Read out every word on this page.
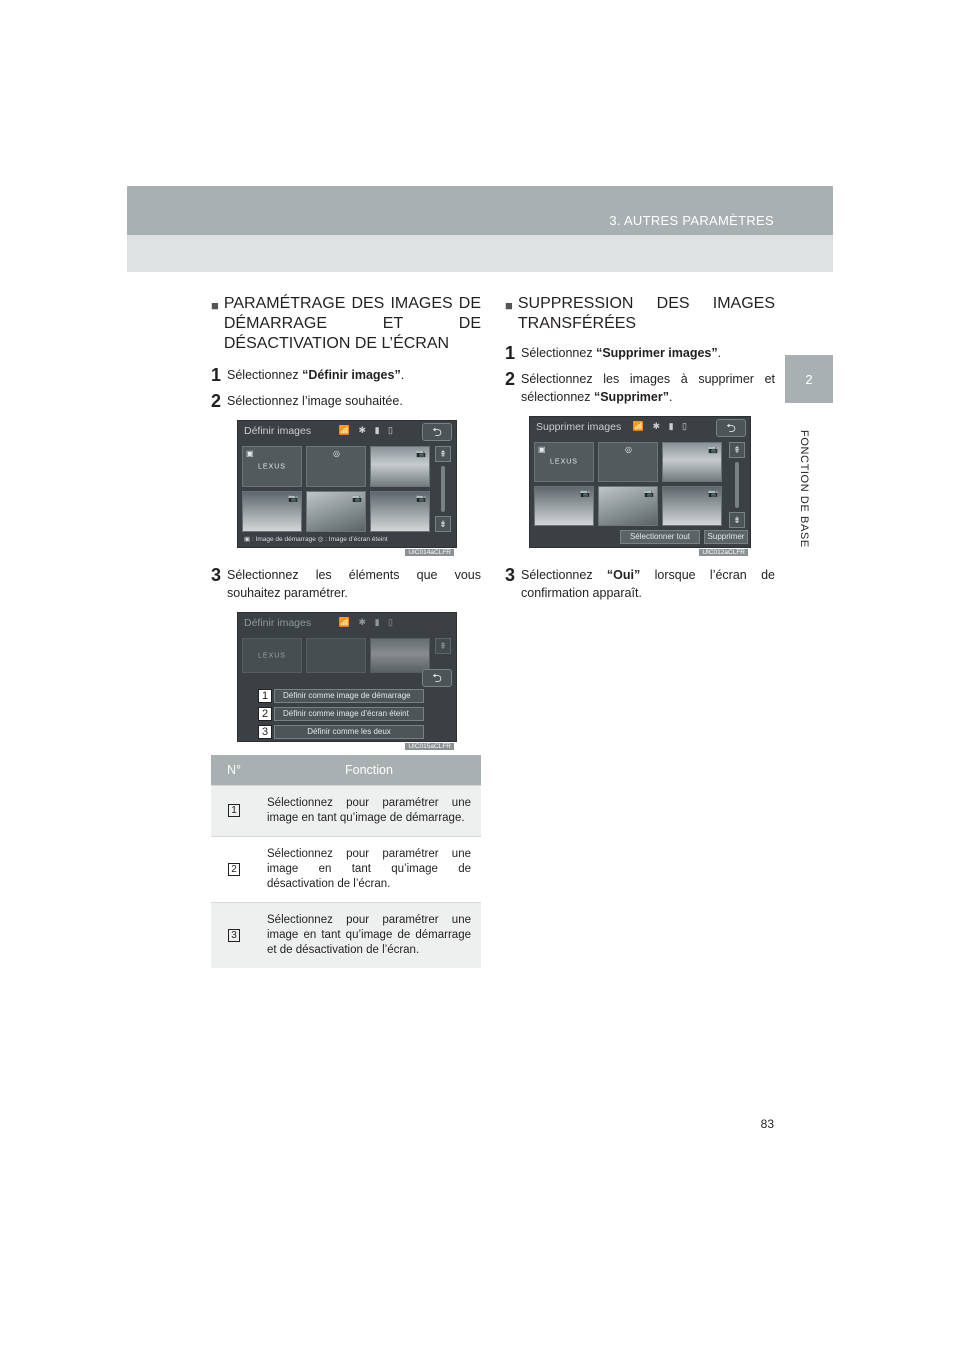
3. AUTRES PARAMÈTRES
2
FONCTION DE BASE
■ PARAMÉTRAGE DES IMAGES DE DÉMARRAGE ET DE DÉSACTIVATION DE L’ÉCRAN
1 Sélectionnez “Définir images”.
2 Sélectionnez l’image souhaitée.
Définir images	📶 ✱ ▮ ▯	⮌
▣
LEXUS
◎	📷
📷	📷	📷
⇞
⇟
▣ : Image de démarrage ◎ : Image d’écran éteint
UIC014aCLFR
3 Sélectionnez les éléments que vous souhaitez paramétrer.
Définir images	📶 ✱ ▮ ▯
LEXUS
⇞
⮌
1	Définir comme image de démarrage
2	Définir comme image d’écran éteint
3	Définir comme les deux
UIC015aCLFR
N°	Fonction
1	Sélectionnez pour paramétrer une image en tant qu’image de démarrage.
2	Sélectionnez pour paramétrer une image en tant qu’image de désactivation de l’écran.
3	Sélectionnez pour paramétrer une image en tant qu’image de démarrage et de désactivation de l’écran.
■ SUPPRESSION DES IMAGES TRANSFÉRÉES
1 Sélectionnez “Supprimer images”.
2 Sélectionnez les images à supprimer et sélectionnez “Supprimer”.
Supprimer images 📶 ✱ ▮ ▯	⮌
▣
LEXUS
◎	📷
📷	📷	📷
⇞
⇟
Sélectionner tout	Supprimer
UIC012aCLFR
3 Sélectionnez “Oui” lorsque l’écran de confirmation apparaît.
83
